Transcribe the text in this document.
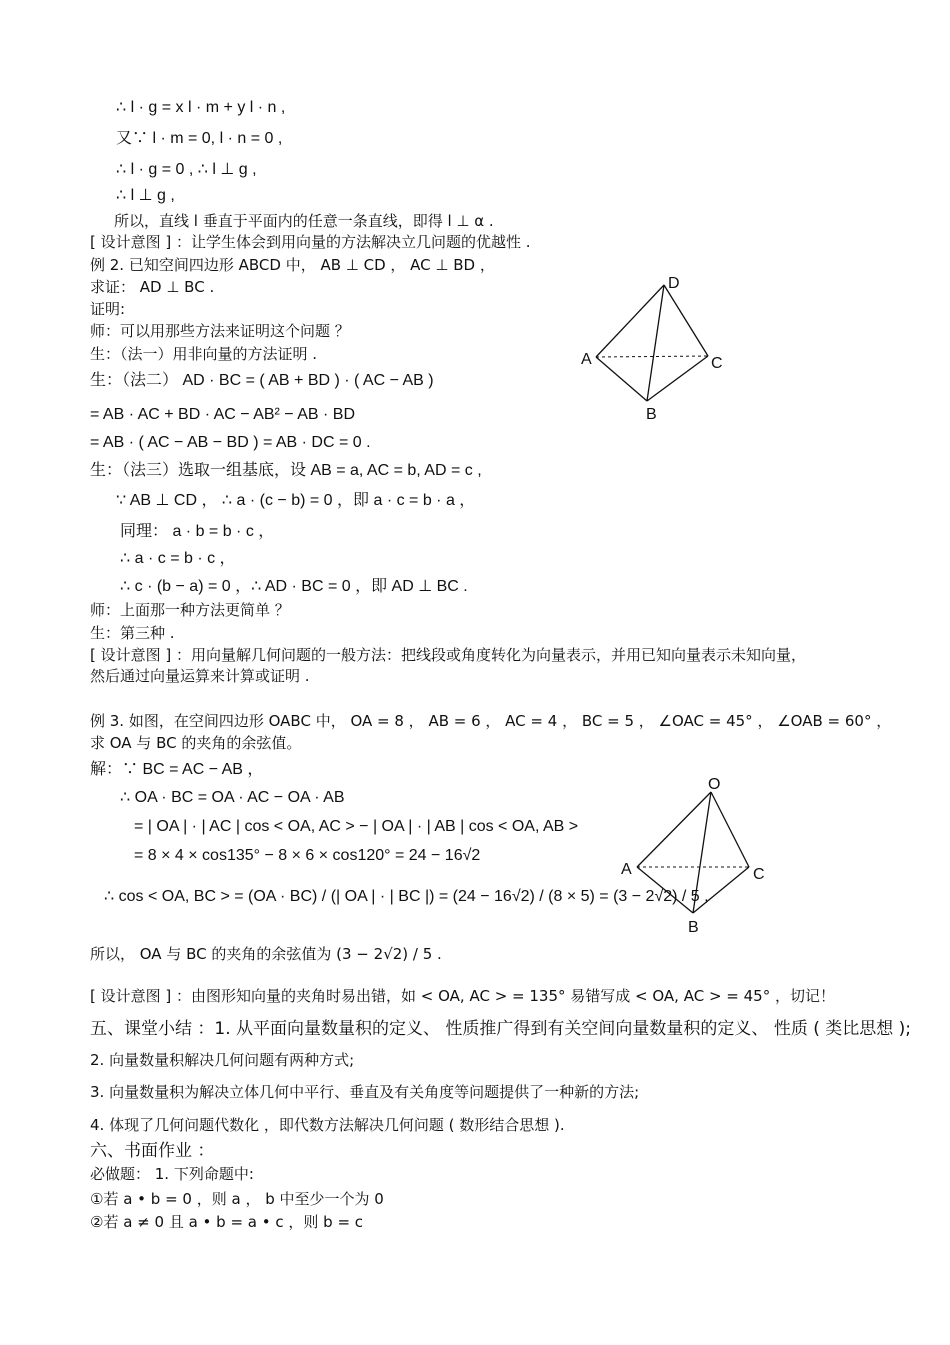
∴ l · g = x l · m + y l · n ,
又∵ l · m = 0, l · n = 0 ,
∴ l · g = 0 , ∴ l ⊥ g ,
∴ l ⊥ g ,
所以，直线 l 垂直于平面内的任意一条直线，即得 l ⊥ α .
[ 设计意图 ] ：让学生体会到用向量的方法解决立几问题的优越性 .
例 2. 已知空间四边形 ABCD 中， AB ⊥ CD ， AC ⊥ BD ，
求证： AD ⊥ BC .
证明:
师：可以用那些方法来证明这个问题 ？
生：（法一）用非向量的方法证明 .
生：（法二） AD · BC = ( AB + BD ) · ( AC − AB )
= AB · AC + BD · AC − AB² − AB · BD
= AB · ( AC − AB − BD ) = AB · DC = 0 .
生：（法三）选取一组基底，设 AB = a, AC = b, AD = c ,
∵ AB ⊥ CD ， ∴ a · (c − b) = 0 ，即 a · c = b · a ，
同理： a · b = b · c ，
∴ a · c = b · c ，
∴ c · (b − a) = 0 ，∴ AD · BC = 0 ，即 AD ⊥ BC .
师：上面那一种方法更简单 ？
生：第三种 .
[ 设计意图 ] ：用向量解几何问题的一般方法：把线段或角度转化为向量表示，并用已知向量表示未知向量，
然后通过向量运算来计算或证明 .
例 3. 如图，在空间四边形 OABC 中， OA = 8 ， AB = 6 ， AC = 4 ， BC = 5 ， ∠OAC = 45° ， ∠OAB = 60° ，
求 OA 与 BC 的夹角的余弦值。
解：∵ BC = AC − AB ，
∴ OA · BC = OA · AC − OA · AB
= | OA | · | AC | cos < OA, AC > − | OA | · | AB | cos < OA, AB >
= 8 × 4 × cos135° − 8 × 6 × cos120° = 24 − 16√2
∴ cos < OA, BC > = (OA · BC) / (| OA | · | BC |) = (24 − 16√2) / (8 × 5) = (3 − 2√2) / 5 ,
所以， OA 与 BC 的夹角的余弦值为 (3 − 2√2) / 5 .
[ 设计意图 ] ：由图形知向量的夹角时易出错，如 < OA, AC > = 135° 易错写成 < OA, AC > = 45° ，切记！
五、课堂小结 ：1. 从平面向量数量积的定义、 性质推广得到有关空间向量数量积的定义、 性质 ( 类比思想 );
2. 向量数量积解决几何问题有两种方式;
3. 向量数量积为解决立体几何中平行、垂直及有关角度等问题提供了一种新的方法;
4. 体现了几何问题代数化 ，即代数方法解决几何问题 ( 数形结合思想 ).
六、书面作业 ：
必做题： 1. 下列命题中:
①若 a • b = 0 ，则 a ， b 中至少一个为 0
②若 a ≠ 0 且 a • b = a • c ，则 b = c
D
A	C
B
O
A	C
B
